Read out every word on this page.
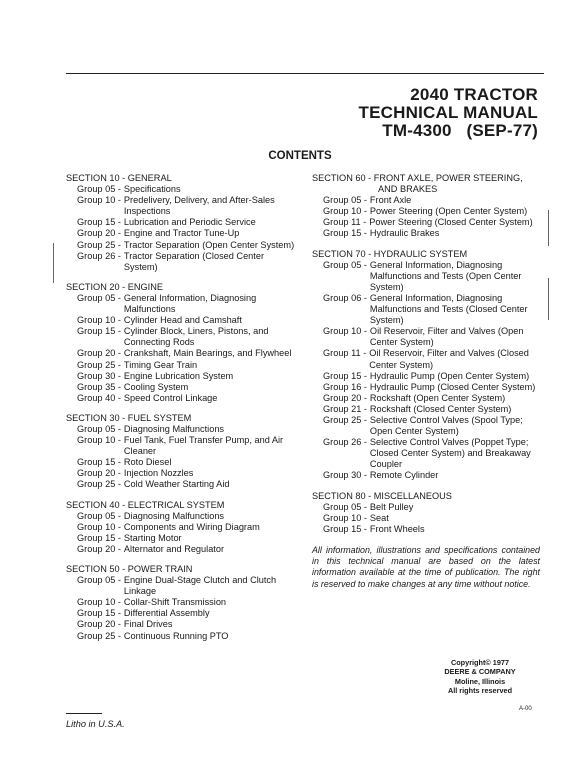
2040 TRACTOR
TECHNICAL MANUAL
TM-4300   (SEP-77)
CONTENTS
SECTION 10 - GENERAL
Group 05 - Specifications
Group 10 - Predelivery, Delivery, and After-Sales Inspections
Group 15 - Lubrication and Periodic Service
Group 20 - Engine and Tractor Tune-Up
Group 25 - Tractor Separation (Open Center System)
Group 26 - Tractor Separation (Closed Center System)
SECTION 20 - ENGINE
Group 05 - General Information, Diagnosing Malfunctions
Group 10 - Cylinder Head and Camshaft
Group 15 - Cylinder Block, Liners, Pistons, and Connecting Rods
Group 20 - Crankshaft, Main Bearings, and Flywheel
Group 25 - Timing Gear Train
Group 30 - Engine Lubrication System
Group 35 - Cooling System
Group 40 - Speed Control Linkage
SECTION 30 - FUEL SYSTEM
Group 05 - Diagnosing Malfunctions
Group 10 - Fuel Tank, Fuel Transfer Pump, and Air Cleaner
Group 15 - Roto Diesel
Group 20 - Injection Nozzles
Group 25 - Cold Weather Starting Aid
SECTION 40 - ELECTRICAL SYSTEM
Group 05 - Diagnosing Malfunctions
Group 10 - Components and Wiring Diagram
Group 15 - Starting Motor
Group 20 - Alternator and Regulator
SECTION 50 - POWER TRAIN
Group 05 - Engine Dual-Stage Clutch and Clutch Linkage
Group 10 - Collar-Shift Transmission
Group 15 - Differential Assembly
Group 20 - Final Drives
Group 25 - Continuous Running PTO
SECTION 60 - FRONT AXLE, POWER STEERING,
AND BRAKES
Group 05 - Front Axle
Group 10 - Power Steering (Open Center System)
Group 11 - Power Steering (Closed Center System)
Group 15 - Hydraulic Brakes
SECTION 70 - HYDRAULIC SYSTEM
Group 05 - General Information, Diagnosing Malfunctions and Tests (Open Center System)
Group 06 - General Information, Diagnosing Malfunctions and Tests (Closed Center System)
Group 10 - Oil Reservoir, Filter and Valves (Open Center System)
Group 11 - Oil Reservoir, Filter and Valves (Closed Center System)
Group 15 - Hydraulic Pump (Open Center System)
Group 16 - Hydraulic Pump (Closed Center System)
Group 20 - Rockshaft (Open Center System)
Group 21 - Rockshaft (Closed Center System)
Group 25 - Selective Control Valves (Spool Type; Open Center System)
Group 26 - Selective Control Valves (Poppet Type; Closed Center System) and Breakaway Coupler
Group 30 - Remote Cylinder
SECTION 80 - MISCELLANEOUS
Group 05 - Belt Pulley
Group 10 - Seat
Group 15 - Front Wheels
All information, illustrations and specifications contained in this technical manual are based on the latest information available at the time of publication. The right is reserved to make changes at any time without notice.
Copyright© 1977
DEERE & COMPANY
Moline, Illinois
All rights reserved
A-00
Litho in U.S.A.
